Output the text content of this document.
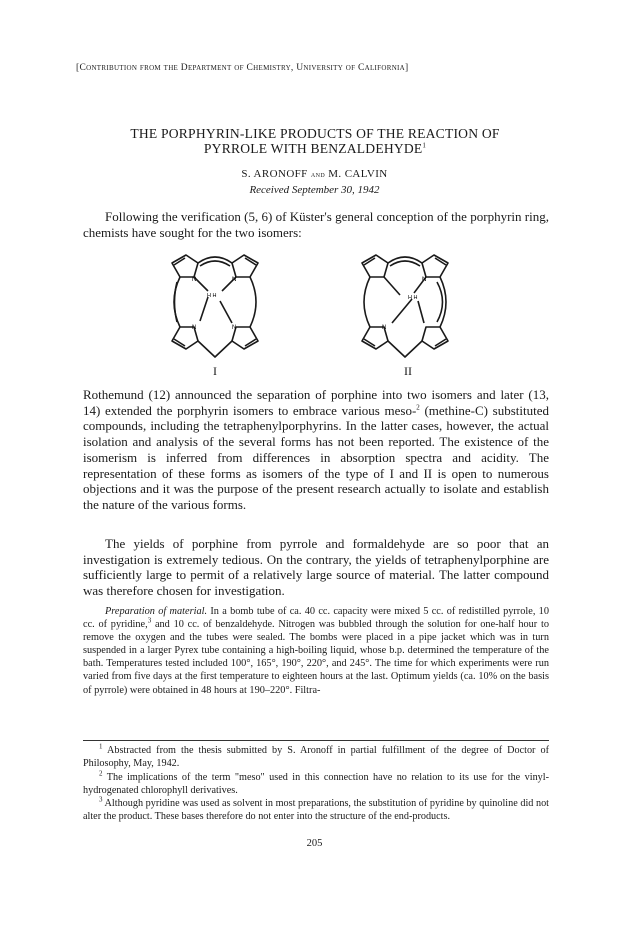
[Contribution from the Department of Chemistry, University of California]
THE PORPHYRIN-LIKE PRODUCTS OF THE REACTION OF
PYRROLE WITH BENZALDEHYDE$^1$
S. ARONOFF and M. CALVIN
Received September 30, 1942
Following the verification (5, 6) of Küster's general conception of the porphyrin ring, chemists have sought for the two isomers:
N	N
N	N
H H
N
N
H H
I	II
Rothemund (12) announced the separation of porphine into two isomers and later (13, 14) extended the porphyrin isomers to embrace various meso-$^2$ (methine-C) substituted compounds, including the tetraphenylporphyrins. In the latter cases, however, the actual isolation and analysis of the several forms has not been reported. The existence of the isomerism is inferred from differences in absorption spectra and acidity. The representation of these forms as isomers of the type of I and II is open to numerous objections and it was the purpose of the present research actually to isolate and establish the nature of the various forms.
The yields of porphine from pyrrole and formaldehyde are so poor that an investigation is extremely tedious. On the contrary, the yields of tetraphenylporphine are sufficiently large to permit of a relatively large source of material. The latter compound was therefore chosen for investigation.
Preparation of material. In a bomb tube of ca. 40 cc. capacity were mixed 5 cc. of redistilled pyrrole, 10 cc. of pyridine,$^3$ and 10 cc. of benzaldehyde. Nitrogen was bubbled through the solution for one-half hour to remove the oxygen and the tubes were sealed. The bombs were placed in a pipe jacket which was in turn suspended in a larger Pyrex tube containing a high-boiling liquid, whose b.p. determined the temperature of the bath. Temperatures tested included 100°, 165°, 190°, 220°, and 245°. The time for which experiments were run varied from five days at the first temperature to eighteen hours at the last. Optimum yields (ca. 10% on the basis of pyrrole) were obtained in 48 hours at 190–220°. Filtra-
$^1$ Abstracted from the thesis submitted by S. Aronoff in partial fulfillment of the degree of Doctor of Philosophy, May, 1942.
$^2$ The implications of the term "meso" used in this connection have no relation to its use for the vinyl-hydrogenated chlorophyll derivatives.
$^3$ Although pyridine was used as solvent in most preparations, the substitution of pyridine by quinoline did not alter the product. These bases therefore do not enter into the structure of the end-products.
205
